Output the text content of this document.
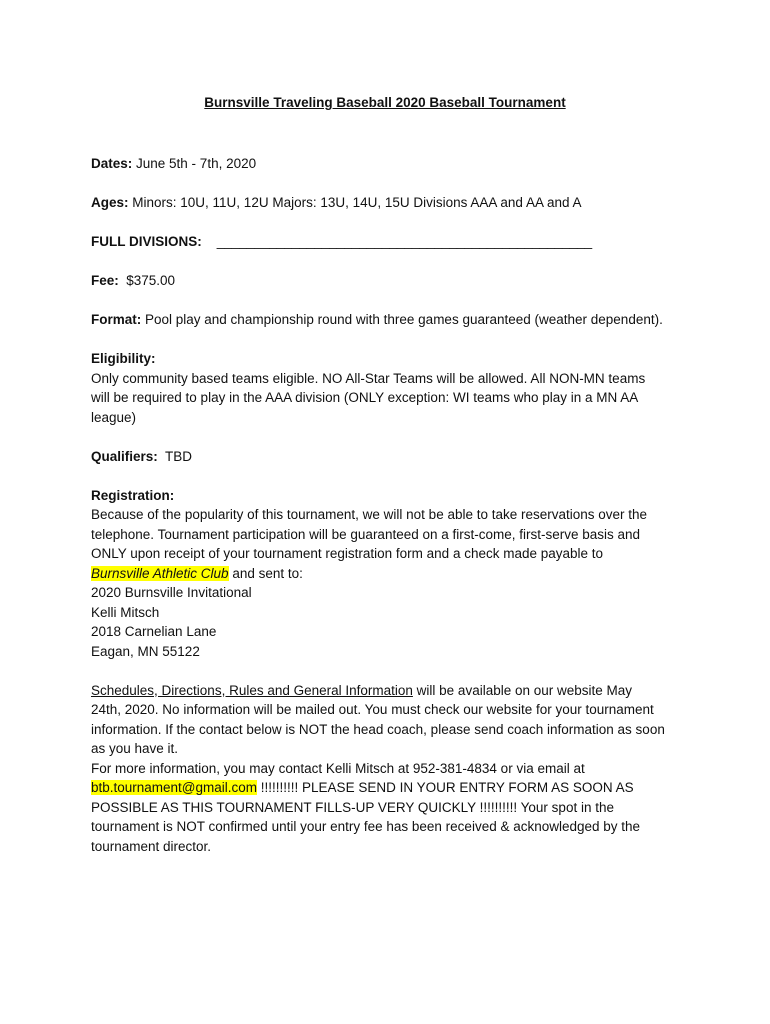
Burnsville Traveling Baseball 2020 Baseball Tournament

Dates: June 5th - 7th, 2020

Ages: Minors: 10U, 11U, 12U Majors: 13U, 14U, 15U Divisions AAA and AA and A

FULL DIVISIONS:    __________________________________________________

Fee:  $375.00

Format: Pool play and championship round with three games guaranteed (weather dependent).

Eligibility:

Only community based teams eligible. NO All-Star Teams will be allowed. All NON-MN teams

will be required to play in the AAA division (ONLY exception: WI teams who play in a MN AA

league)

Qualifiers:  TBD

Registration:

Because of the popularity of this tournament, we will not be able to take reservations over the

telephone. Tournament participation will be guaranteed on a first-come, first-serve basis and

ONLY upon receipt of your tournament registration form and a check made payable to

Burnsville Athletic Club and sent to:

2020 Burnsville Invitational

Kelli Mitsch

2018 Carnelian Lane

Eagan, MN 55122

Schedules, Directions, Rules and General Information will be available on our website May

24th, 2020. No information will be mailed out. You must check our website for your tournament

information. If the contact below is NOT the head coach, please send coach information as soon

as you have it.

For more information, you may contact Kelli Mitsch at 952-381-4834 or via email at

btb.tournament@gmail.com !!!!!!!!!! PLEASE SEND IN YOUR ENTRY FORM AS SOON AS

POSSIBLE AS THIS TOURNAMENT FILLS-UP VERY QUICKLY !!!!!!!!!! Your spot in the

tournament is NOT confirmed until your entry fee has been received & acknowledged by the

tournament director.
